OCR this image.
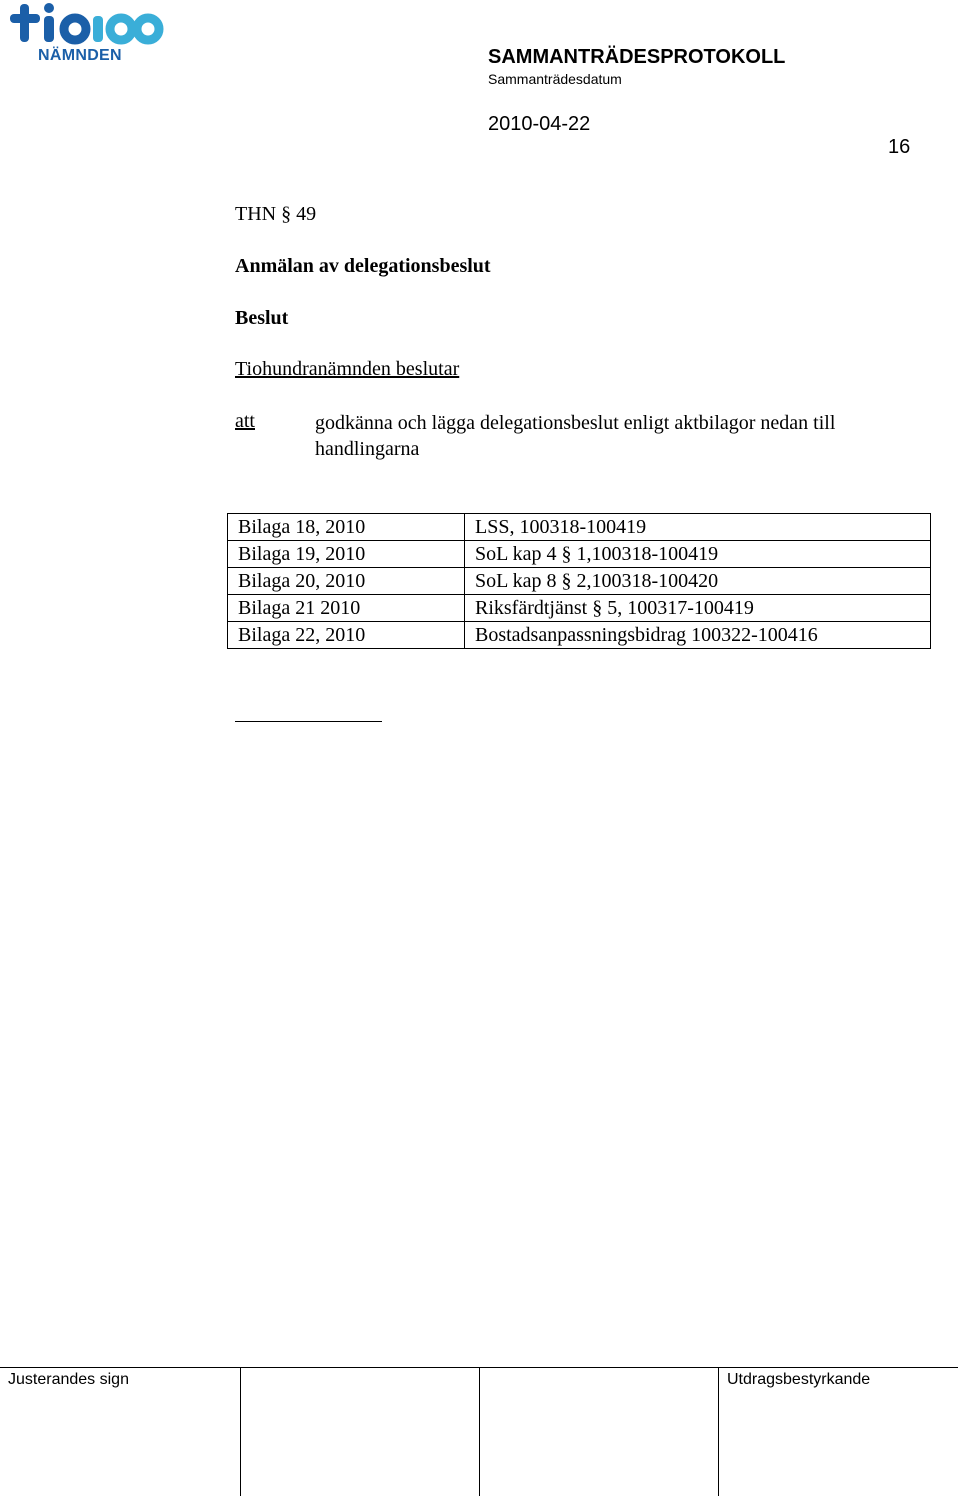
NÄMNDEN	SAMMANTRÄDESPROTOKOLL
Sammanträdesdatum
2010-04-22
16
THN § 49
Anmälan av delegationsbeslut
Beslut
Tiohundranämnden beslutar
att	godkänna och lägga delegationsbeslut enligt aktbilagor nedan till handlingarna
Bilaga 18, 2010	LSS, 100318-100419
Bilaga 19, 2010	SoL kap 4 § 1,100318-100419
Bilaga 20, 2010	SoL kap 8 § 2,100318-100420
Bilaga 21 2010	Riksfärdtjänst § 5, 100317-100419
Bilaga 22, 2010	Bostadsanpassningsbidrag 100322-100416
Justerandes sign	Utdragsbestyrkande
